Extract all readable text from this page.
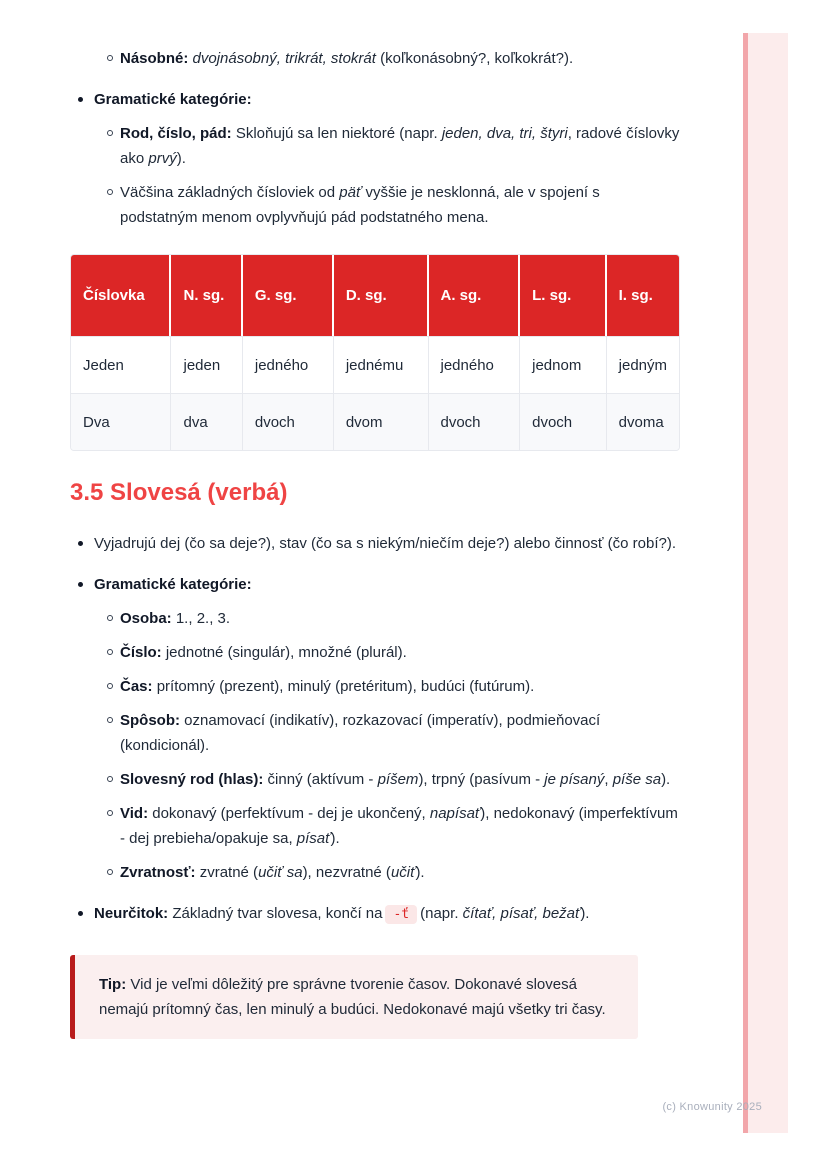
Násobné: dvojnásobný, trikrát, stokrát (koľkonásobný?, koľkokrát?).
Gramatické kategórie:
Rod, číslo, pád: Skloňujú sa len niektoré (napr. jeden, dva, tri, štyri, radové číslovky ako prvý).
Väčšina základných čísloviek od päť vyššie je nesklonná, ale v spojení s podstatným menom ovplyvňujú pád podstatného mena.
Číslovka	N. sg.	G. sg.	D. sg.	A. sg.	L. sg.	I. sg.
Jeden	jeden	jedného	jednému	jedného	jednom	jedným
Dva	dva	dvoch	dvom	dvoch	dvoch	dvoma
3.5 Slovesá (verbá)
Vyjadrujú dej (čo sa deje?), stav (čo sa s niekým/niečím deje?) alebo činnosť (čo robí?).
Gramatické kategórie:
Osoba: 1., 2., 3.
Číslo: jednotné (singulár), množné (plurál).
Čas: prítomný (prezent), minulý (pretéritum), budúci (futúrum).
Spôsob: oznamovací (indikatív), rozkazovací (imperatív), podmieňovací (kondicionál).
Slovesný rod (hlas): činný (aktívum - píšem), trpný (pasívum - je písaný, píše sa).
Vid: dokonavý (perfektívum - dej je ukončený, napísať), nedokonavý (imperfektívum - dej prebieha/opakuje sa, písať).
Zvratnosť: zvratné (učiť sa), nezvratné (učiť).
Neurčitok: Základný tvar slovesa, končí na -ť (napr. čítať, písať, bežať).
Tip: Vid je veľmi dôležitý pre správne tvorenie časov. Dokonavé slovesá nemajú prítomný čas, len minulý a budúci. Nedokonavé majú všetky tri časy.
(c) Knowunity 2025
